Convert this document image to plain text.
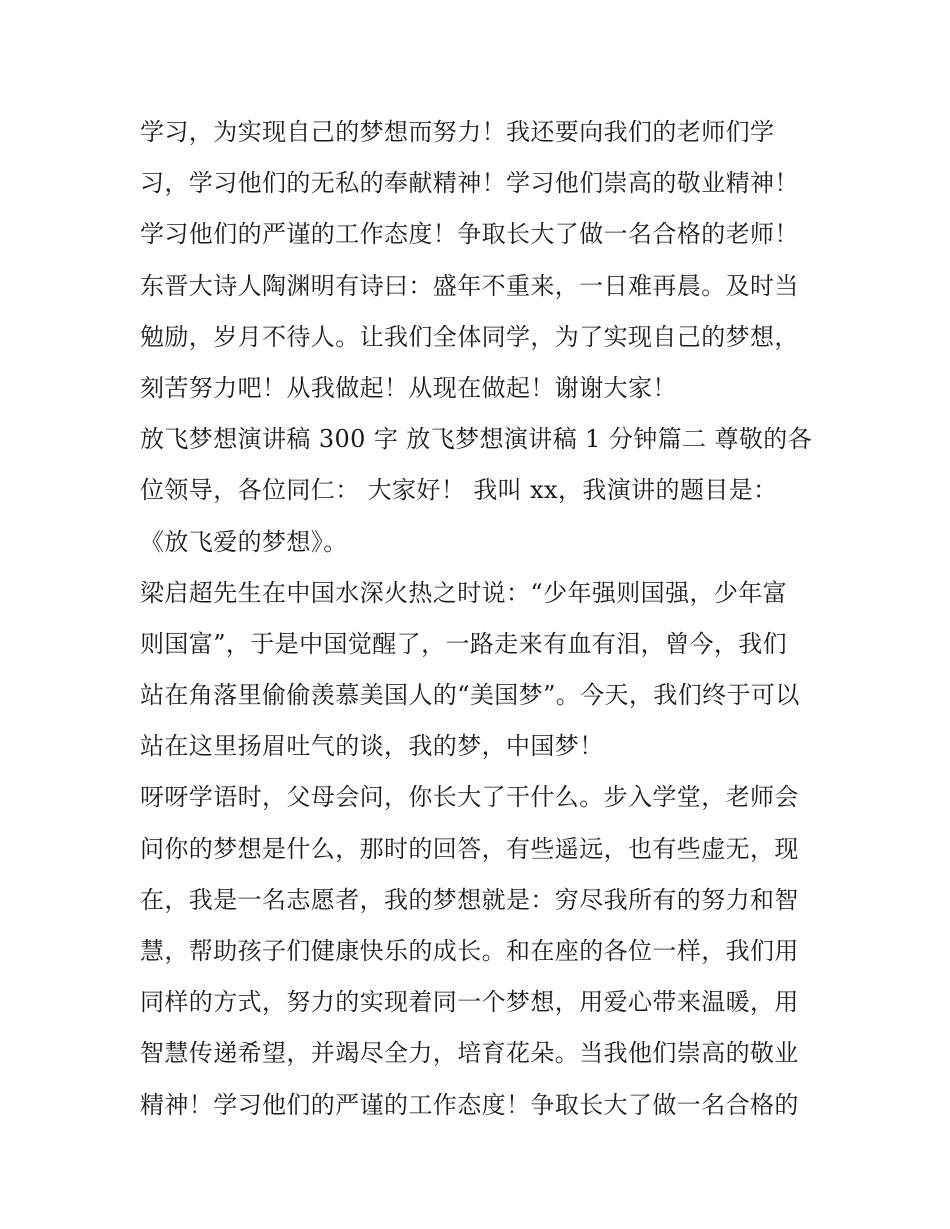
学习，为实现自己的梦想而努力！我还要向我们的老师们学
习，学习他们的无私的奉献精神！学习他们崇高的敬业精神！
学习他们的严谨的工作态度！争取长大了做一名合格的老师！
东晋大诗人陶渊明有诗曰：盛年不重来，一日难再晨。及时当
勉励，岁月不待人。让我们全体同学，为了实现自己的梦想，
刻苦努力吧！从我做起！从现在做起！谢谢大家！
放飞梦想演讲稿 300 字 放飞梦想演讲稿 1 分钟篇二 尊敬的各
位领导，各位同仁： 大家好！ 我叫 xx，我演讲的题目是：
《放飞爱的梦想》。
梁启超先生在中国水深火热之时说：“少年强则国强，少年富
则国富”，于是中国觉醒了，一路走来有血有泪，曾今，我们
站在角落里偷偷羡慕美国人的“美国梦”。今天，我们终于可以
站在这里扬眉吐气的谈，我的梦，中国梦！
呀呀学语时，父母会问，你长大了干什么。步入学堂，老师会
问你的梦想是什么，那时的回答，有些遥远，也有些虚无，现
在，我是一名志愿者，我的梦想就是：穷尽我所有的努力和智
慧，帮助孩子们健康快乐的成长。和在座的各位一样，我们用
同样的方式，努力的实现着同一个梦想，用爱心带来温暖，用
智慧传递希望，并竭尽全力，培育花朵。当我他们崇高的敬业
精神！学习他们的严谨的工作态度！争取长大了做一名合格的
